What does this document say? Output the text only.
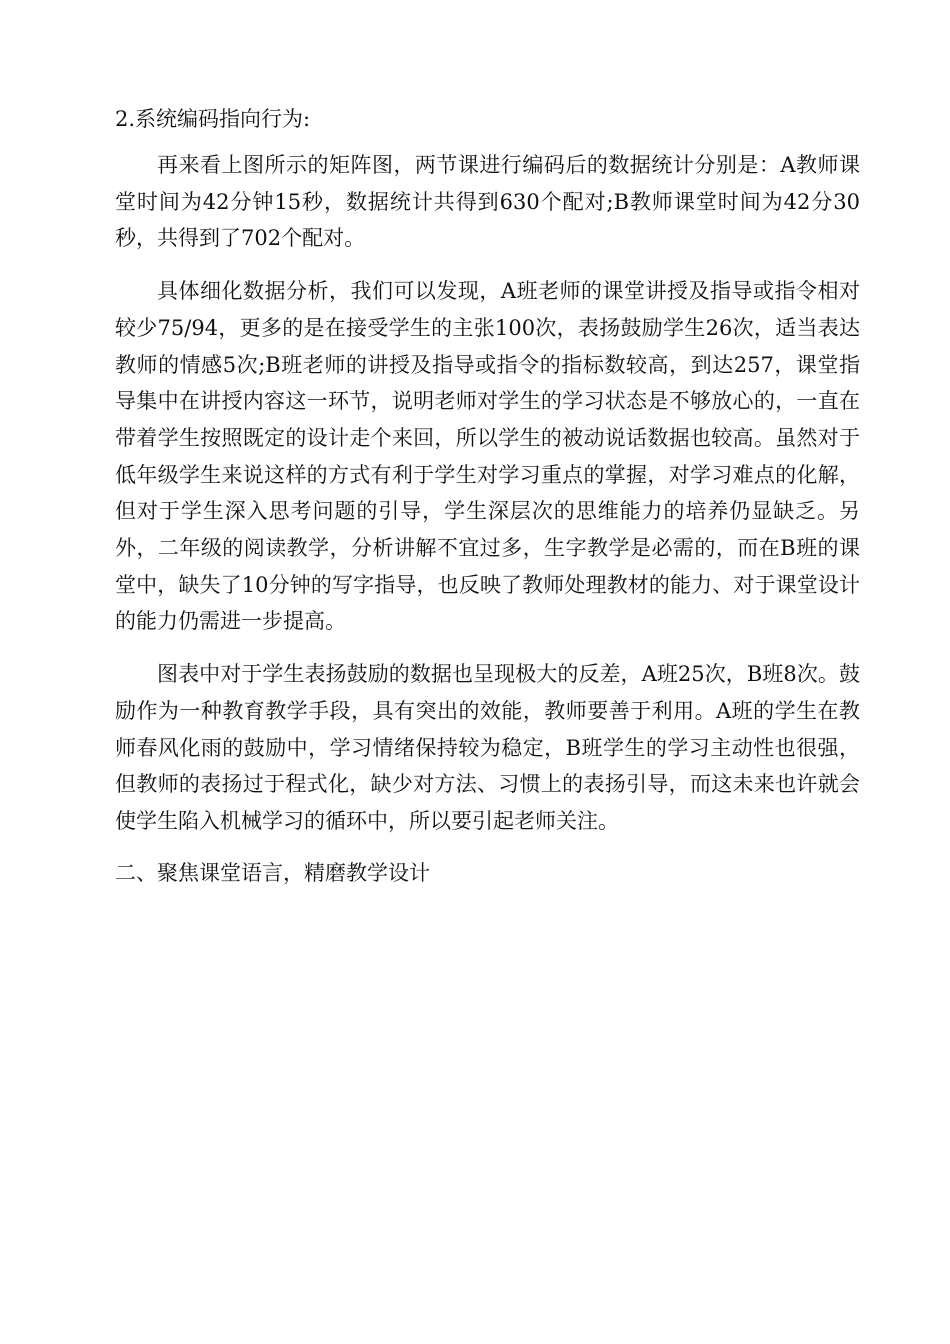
2.系统编码指向行为:

再来看上图所示的矩阵图，两节课进行编码后的数据统计分别是：A教师课堂时间为42分钟15秒，数据统计共得到630个配对;B教师课堂时间为42分30秒，共得到了702个配对。

具体细化数据分析，我们可以发现，A班老师的课堂讲授及指导或指令相对较少75/94，更多的是在接受学生的主张100次，表扬鼓励学生26次，适当表达教师的情感5次;B班老师的讲授及指导或指令的指标数较高，到达257，课堂指导集中在讲授内容这一环节，说明老师对学生的学习状态是不够放心的，一直在带着学生按照既定的设计走个来回，所以学生的被动说话数据也较高。虽然对于低年级学生来说这样的方式有利于学生对学习重点的掌握，对学习难点的化解，但对于学生深入思考问题的引导，学生深层次的思维能力的培养仍显缺乏。另外，二年级的阅读教学，分析讲解不宜过多，生字教学是必需的，而在B班的课堂中，缺失了10分钟的写字指导，也反映了教师处理教材的能力、对于课堂设计的能力仍需进一步提高。

图表中对于学生表扬鼓励的数据也呈现极大的反差，A班25次，B班8次。鼓励作为一种教育教学手段，具有突出的效能，教师要善于利用。A班的学生在教师春风化雨的鼓励中，学习情绪保持较为稳定，B班学生的学习主动性也很强，但教师的表扬过于程式化，缺少对方法、习惯上的表扬引导，而这未来也许就会使学生陷入机械学习的循环中，所以要引起老师关注。

二、聚焦课堂语言，精磨教学设计
